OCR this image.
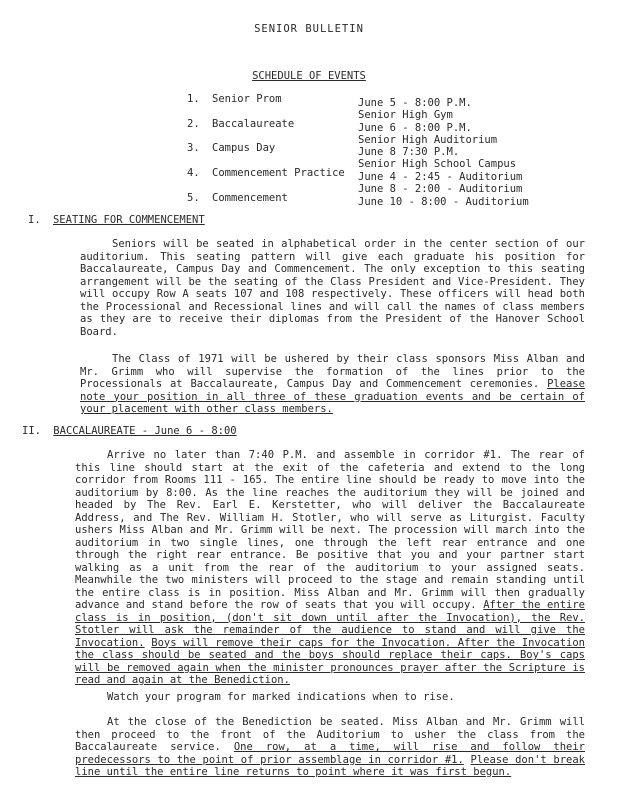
SENIOR BULLETIN
SCHEDULE OF EVENTS
1. Senior Prom	June 5 - 8:00 P.M.
Senior High Gym
2. Baccalaureate	June 6 - 8:00 P.M.
Senior High Auditorium
3. Campus Day	June 8 7:30 P.M.
Senior High School Campus
4. Commencement Practice June 4 - 2:45 - Auditorium
June 8 - 2:00 - Auditorium
5. Commencement	June 10 - 8:00 - Auditorium
I. SEATING FOR COMMENCEMENT

Seniors will be seated in alphabetical order in the center section of our auditorium. This seating pattern will give each graduate his position for Baccalaureate, Campus Day and Commencement. The only exception to this seating arrangement will be the seating of the Class President and Vice-President. They will occupy Row A seats 107 and 108 respectively. These officers will head both the Processional and Recessional lines and will call the names of class members as they are to receive their diplomas from the President of the Hanover School Board.

The Class of 1971 will be ushered by their class sponsors Miss Alban and Mr. Grimm who will supervise the formation of the lines prior to the Processionals at Baccalaureate, Campus Day and Commencement ceremonies. Please note your position in all three of these graduation events and be certain of your placement with other class members.

II. BACCALAUREATE - June 6 - 8:00

Arrive no later than 7:40 P.M. and assemble in corridor #1. The rear of this line should start at the exit of the cafeteria and extend to the long corridor from Rooms 111 - 165. The entire line should be ready to move into the auditorium by 8:00. As the line reaches the auditorium they will be joined and headed by The Rev. Earl E. Kerstetter, who will deliver the Baccalaureate Address, and The Rev. William H. Stotler, who will serve as Liturgist. Faculty ushers Miss Alban and Mr. Grimm will be next. The procession will march into the auditorium in two single lines, one through the left rear entrance and one through the right rear entrance. Be positive that you and your partner start walking as a unit from the rear of the auditorium to your assigned seats. Meanwhile the two ministers will proceed to the stage and remain standing until the entire class is in position. Miss Alban and Mr. Grimm will then gradually advance and stand before the row of seats that you will occupy. After the entire class is in position, (don't sit down until after the Invocation), the Rev. Stotler will ask the remainder of the audience to stand and will give the Invocation. Boys will remove their caps for the Invocation. After the Invocation the class should be seated and the boys should replace their caps. Boy's caps will be removed again when the minister pronounces prayer after the Scripture is read and again at the Benediction.

Watch your program for marked indications when to rise.

At the close of the Benediction be seated. Miss Alban and Mr. Grimm will then proceed to the front of the Auditorium to usher the class from the Baccalaureate service. One row, at a time, will rise and follow their predecessors to the point of prior assemblage in corridor #1. Please don't break line until the entire line returns to point where it was first begun.
